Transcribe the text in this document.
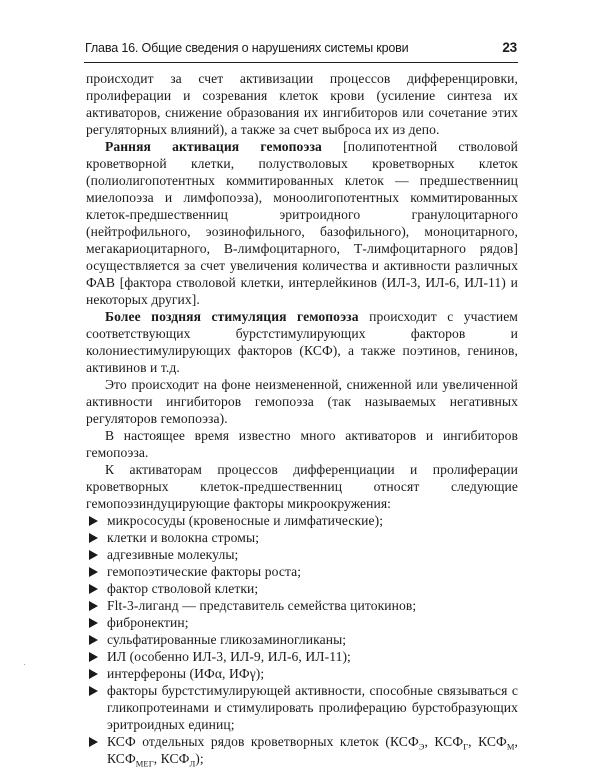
Глава 16. Общие сведения о нарушениях системы крови	23

происходит за счет активизации процессов дифференцировки, пролиферации и созревания клеток крови (усиление синтеза их активаторов, снижение образования их ингибиторов или сочетание этих регуляторных влияний), а также за счет выброса их из депо.

Ранняя активация гемопоэза [полипотентной стволовой кроветворной клетки, полустволовых кроветворных клеток (полиолигопотентных коммитированных клеток — предшественниц миелопоэза и лимфопоэза), моноолигопотентных коммитированных клеток-предшественниц эритроидного гранулоцитарного (нейтрофильного, эозинофильного, базофильного), моноцитарного, мегакариоцитарного, В-лимфоцитарного, Т-лимфоцитарного рядов] осуществляется за счет увеличения количества и активности различных ФАВ [фактора стволовой клетки, интерлейкинов (ИЛ-3, ИЛ-6, ИЛ-11) и некоторых других].

Более поздняя стимуляция гемопоэза происходит с участием соответствующих бурстстимулирующих факторов и колониестимулирующих факторов (КСФ), а также поэтинов, генинов, активинов и т.д.

Это происходит на фоне неизмененной, сниженной или увеличенной активности ингибиторов гемопоэза (так называемых негативных регуляторов гемопоэза).

В настоящее время известно много активаторов и ингибиторов гемопоэза.

К активаторам процессов дифференциации и пролиферации кроветворных клеток-предшественниц относят следующие гемопоэзиндуцирующие факторы микроокружения:

микрососуды (кровеносные и лимфатические);
клетки и волокна стромы;
адгезивные молекулы;
гемопоэтические факторы роста;
фактор стволовой клетки;
Flt-3-лиганд — представитель семейства цитокинов;
фибронектин;
сульфатированные гликозаминогликаны;
ИЛ (особенно ИЛ-3, ИЛ-9, ИЛ-6, ИЛ-11);
интерфероны (ИФα, ИФγ);
факторы бурстстимулирующей активности, способные связываться с гликопротеинами и стимулировать пролиферацию бурстобразующих эритроидных единиц;
КСФ отдельных рядов кроветворных клеток ($КСФ_Э$, $КСФ_Г$, $КСФ_М$, $КСФ_{МЕГ}$, $КСФ_Л$);
.
